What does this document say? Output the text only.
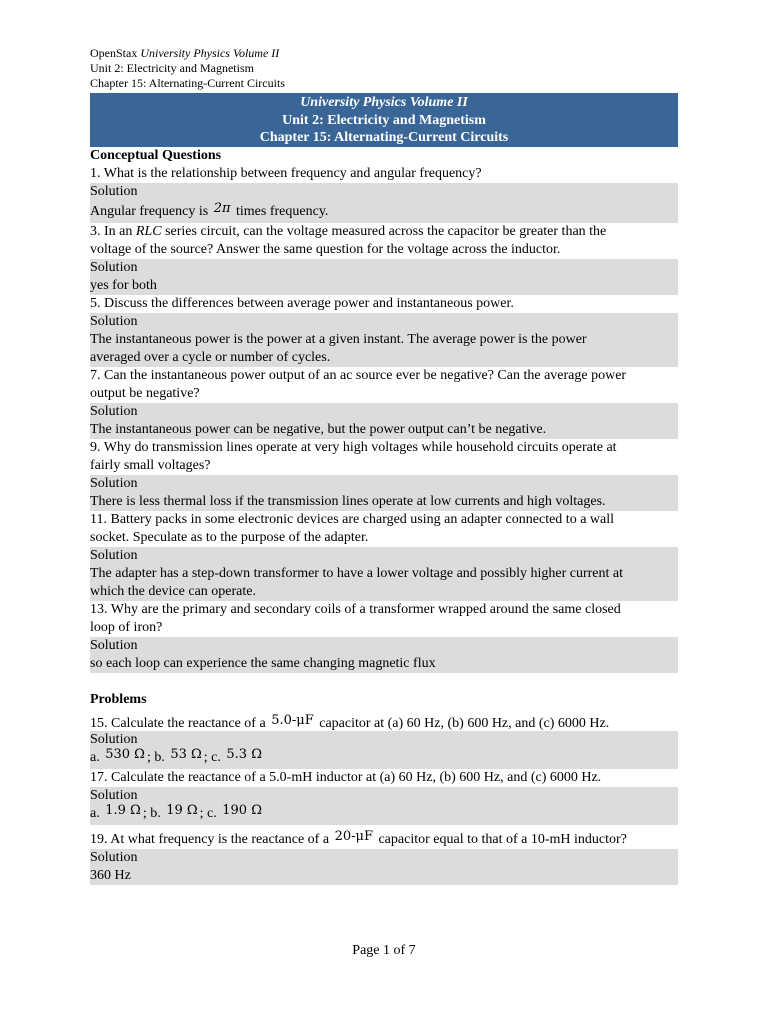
OpenStax University Physics Volume II
Unit 2: Electricity and Magnetism
Chapter 15: Alternating-Current Circuits
University Physics Volume II
Unit 2: Electricity and Magnetism
Chapter 15: Alternating-Current Circuits
Conceptual Questions
1. What is the relationship between frequency and angular frequency?
Solution
Angular frequency is 2π times frequency.
3. In an RLC series circuit, can the voltage measured across the capacitor be greater than the
voltage of the source? Answer the same question for the voltage across the inductor.
Solution
yes for both
5. Discuss the differences between average power and instantaneous power.
Solution
The instantaneous power is the power at a given instant. The average power is the power
averaged over a cycle or number of cycles.
7. Can the instantaneous power output of an ac source ever be negative? Can the average power
output be negative?
Solution
The instantaneous power can be negative, but the power output can’t be negative.
9. Why do transmission lines operate at very high voltages while household circuits operate at
fairly small voltages?
Solution
There is less thermal loss if the transmission lines operate at low currents and high voltages.
11. Battery packs in some electronic devices are charged using an adapter connected to a wall
socket. Speculate as to the purpose of the adapter.
Solution
The adapter has a step-down transformer to have a lower voltage and possibly higher current at
which the device can operate.
13. Why are the primary and secondary coils of a transformer wrapped around the same closed
loop of iron?
Solution
so each loop can experience the same changing magnetic flux
Problems
15. Calculate the reactance of a 5.0-μF capacitor at (a) 60 Hz, (b) 600 Hz, and (c) 6000 Hz.
Solution
a. 530 Ω ; b. 53 Ω ; c. 5.3 Ω
17. Calculate the reactance of a 5.0-mH inductor at (a) 60 Hz, (b) 600 Hz, and (c) 6000 Hz.
Solution
a. 1.9 Ω ; b. 19 Ω ; c. 190 Ω
19. At what frequency is the reactance of a 20-μF capacitor equal to that of a 10-mH inductor?
Solution
360 Hz
Page 1 of 7
